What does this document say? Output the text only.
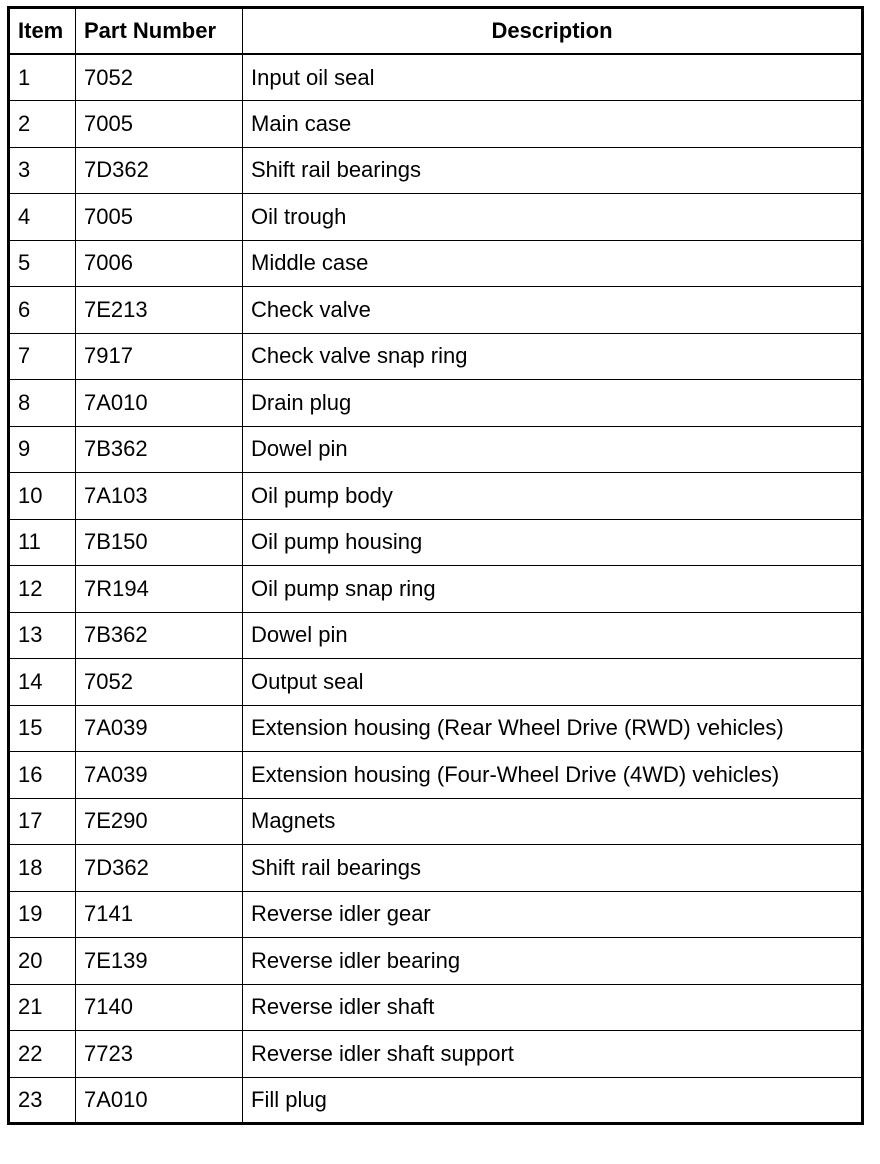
Item	Part Number	Description
1	7052	Input oil seal
2	7005	Main case
3	7D362	Shift rail bearings
4	7005	Oil trough
5	7006	Middle case
6	7E213	Check valve
7	7917	Check valve snap ring
8	7A010	Drain plug
9	7B362	Dowel pin
10	7A103	Oil pump body
11	7B150	Oil pump housing
12	7R194	Oil pump snap ring
13	7B362	Dowel pin
14	7052	Output seal
15	7A039	Extension housing (Rear Wheel Drive (RWD) vehicles)
16	7A039	Extension housing (Four-Wheel Drive (4WD) vehicles)
17	7E290	Magnets
18	7D362	Shift rail bearings
19	7141	Reverse idler gear
20	7E139	Reverse idler bearing
21	7140	Reverse idler shaft
22	7723	Reverse idler shaft support
23	7A010	Fill plug
